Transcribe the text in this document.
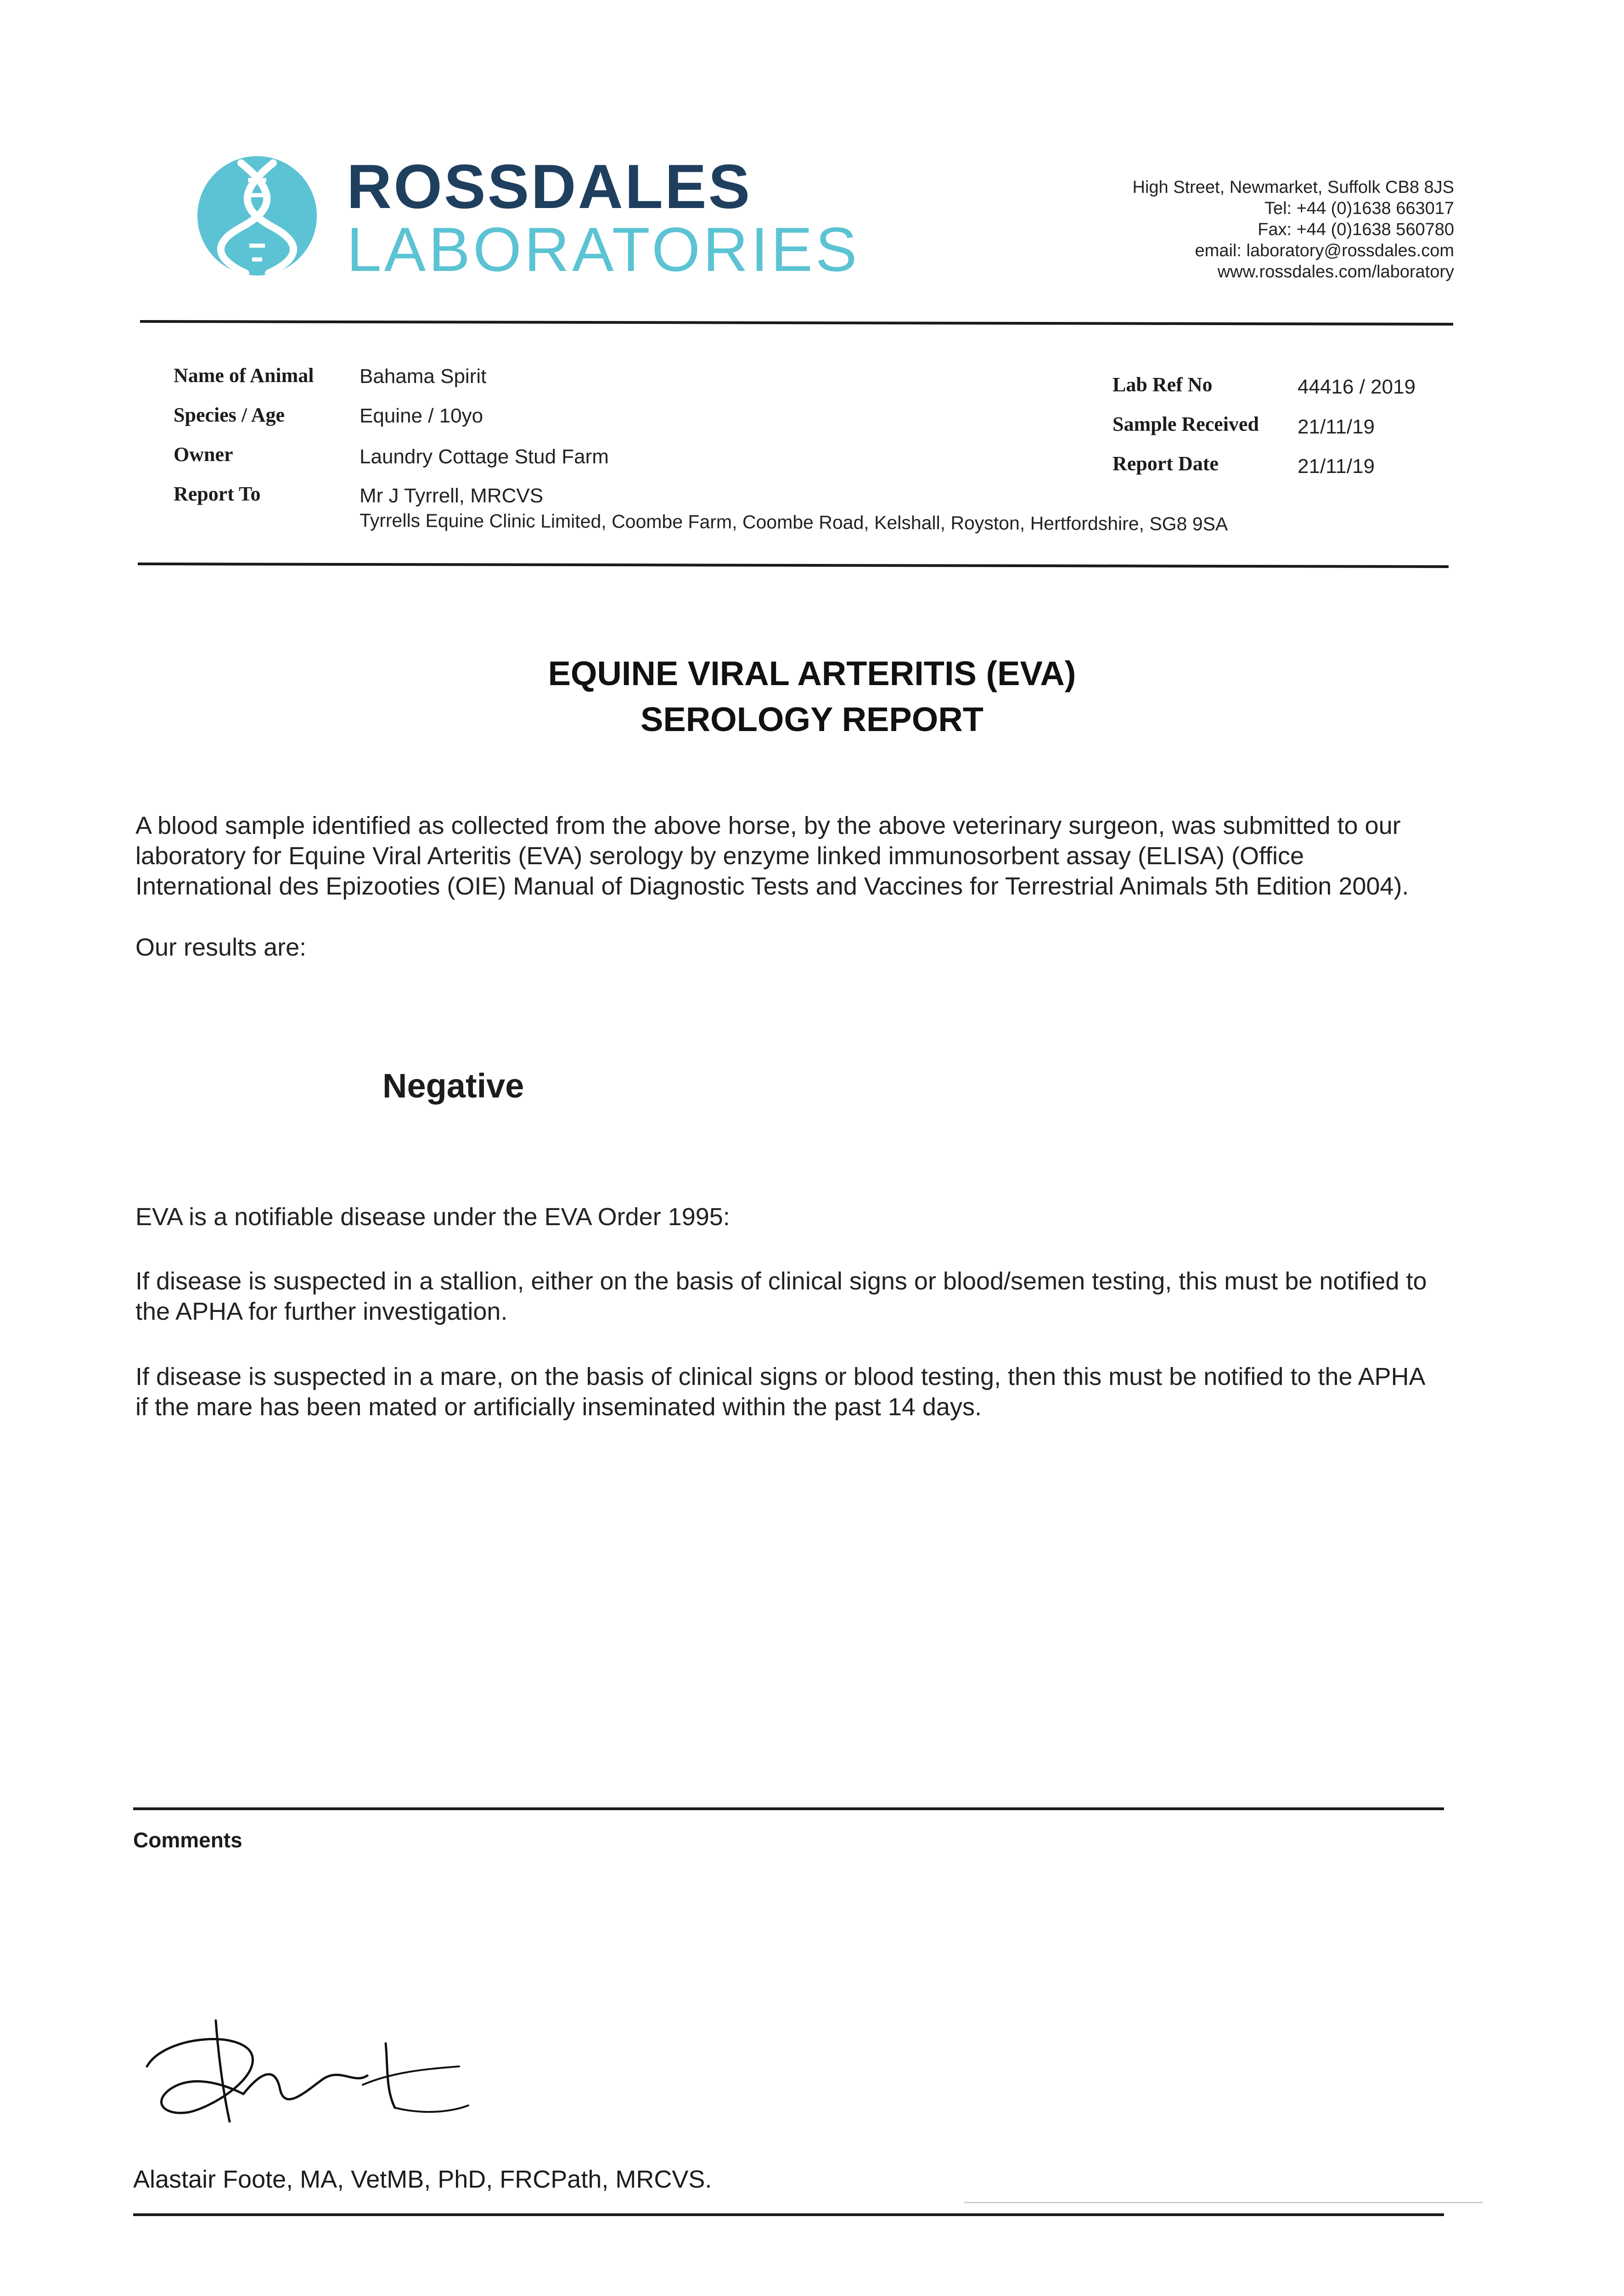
ROSSDALES
LABORATORIES
High Street, Newmarket, Suffolk CB8 8JS
Tel: +44 (0)1638 663017
Fax: +44 (0)1638 560780
email: laboratory@rossdales.com
www.rossdales.com/laboratory
Name of Animal Bahama Spirit
Species / Age	Equine / 10yo
Owner	Laundry Cottage Stud Farm
Report To	Mr J Tyrrell, MRCVS
Tyrrells Equine Clinic Limited, Coombe Farm, Coombe Road, Kelshall, Royston, Hertfordshire, SG8 9SA
Lab Ref No	44416 / 2019
Sample Received 21/11/19
Report Date	21/11/19
EQUINE VIRAL ARTERITIS (EVA)
SEROLOGY REPORT

A blood sample identified as collected from the above horse, by the above veterinary surgeon, was submitted to our

laboratory for Equine Viral Arteritis (EVA) serology by enzyme linked immunosorbent assay (ELISA) (Office

International des Epizooties (OIE) Manual of Diagnostic Tests and Vaccines for Terrestrial Animals 5th Edition 2004).

Our results are:
Negative
EVA is a notifiable disease under the EVA Order 1995:

If disease is suspected in a stallion, either on the basis of clinical signs or blood/semen testing, this must be notified to

the APHA for further investigation.

If disease is suspected in a mare, on the basis of clinical signs or blood testing, then this must be notified to the APHA

if the mare has been mated or artificially inseminated within the past 14 days.

Comments
Alastair Foote, MA, VetMB, PhD, FRCPath, MRCVS.
